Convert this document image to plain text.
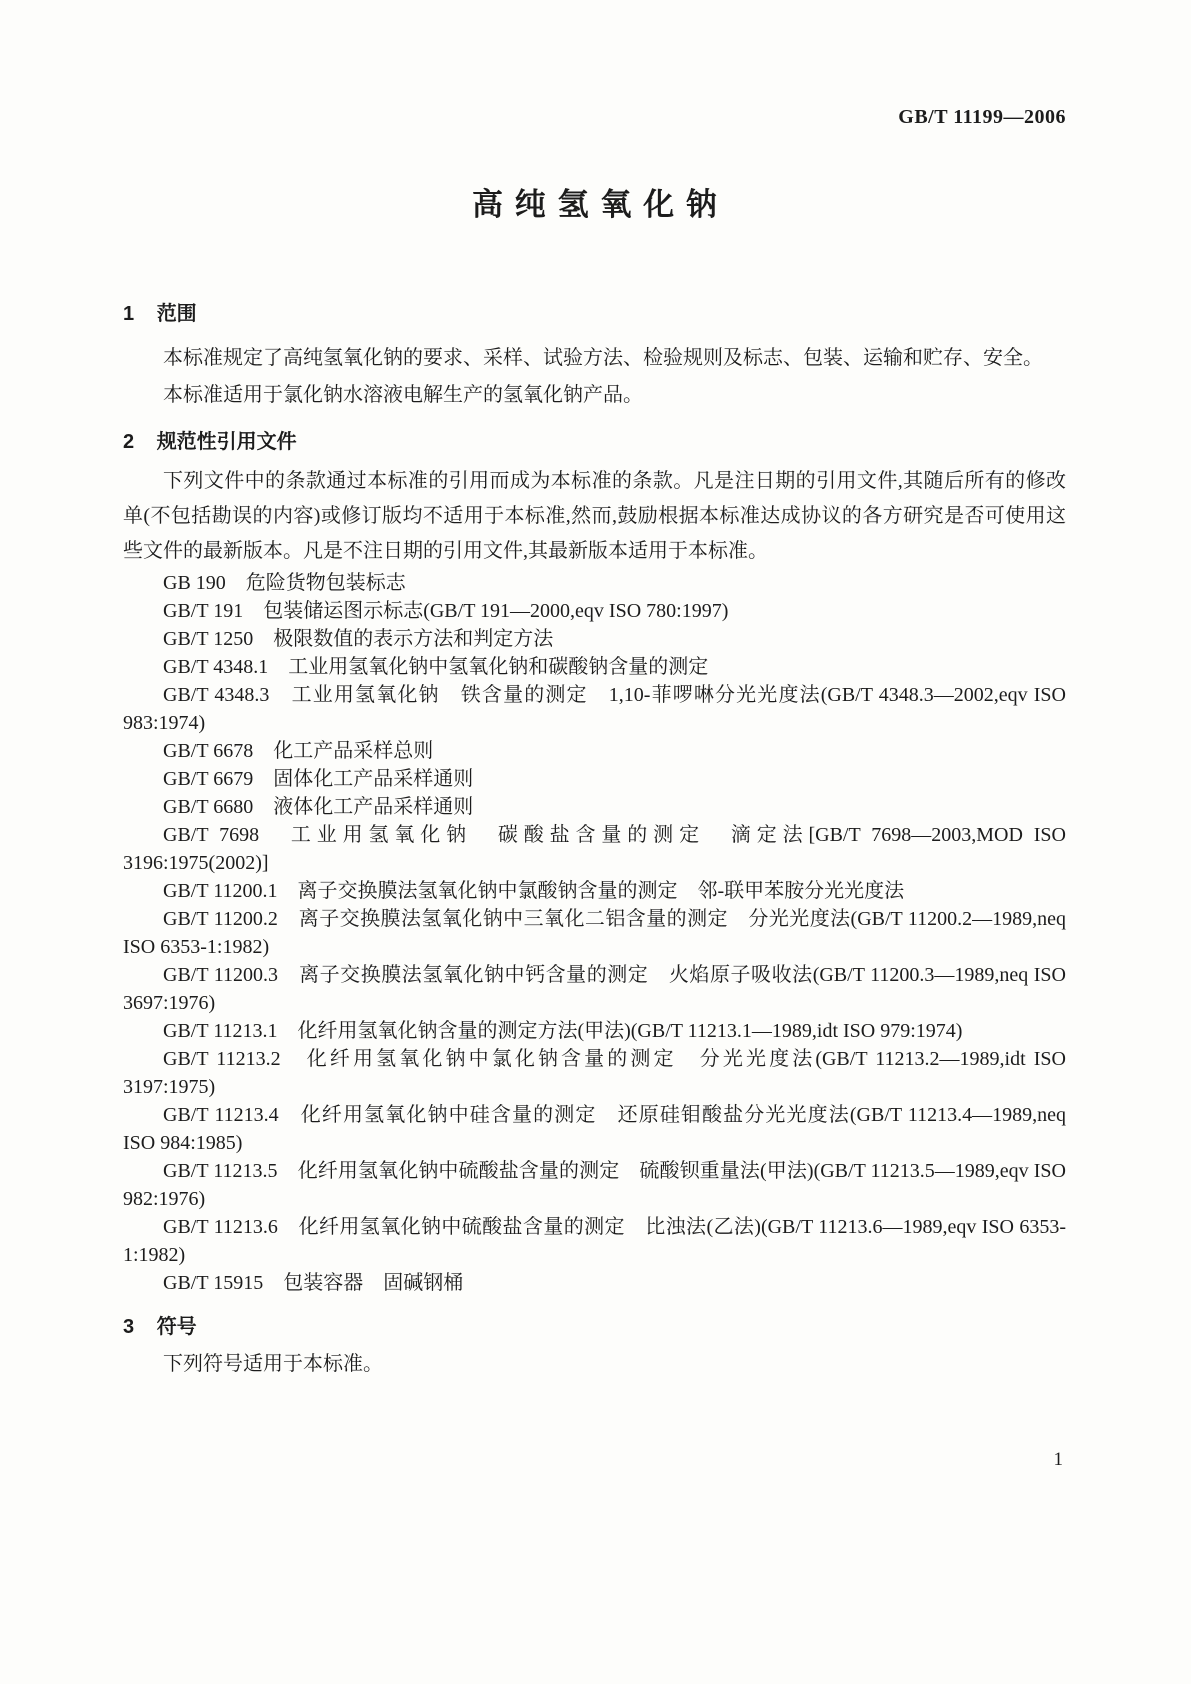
GB/T 11199—2006
高纯氢氧化钠
1 范围

本标准规定了高纯氢氧化钠的要求、采样、试验方法、检验规则及标志、包装、运输和贮存、安全。

本标准适用于氯化钠水溶液电解生产的氢氧化钠产品。

2 规范性引用文件

下列文件中的条款通过本标准的引用而成为本标准的条款。凡是注日期的引用文件,其随后所有的修改单(不包括勘误的内容)或修订版均不适用于本标准,然而,鼓励根据本标准达成协议的各方研究是否可使用这些文件的最新版本。凡是不注日期的引用文件,其最新版本适用于本标准。

GB 190　危险货物包装标志

GB/T 191　包装储运图示标志(GB/T 191—2000,eqv ISO 780:1997)

GB/T 1250　极限数值的表示方法和判定方法

GB/T 4348.1　工业用氢氧化钠中氢氧化钠和碳酸钠含量的测定

GB/T 4348.3　工业用氢氧化钠　铁含量的测定　1,10-菲啰啉分光光度法(GB/T 4348.3—2002,eqv ISO 983:1974)

GB/T 6678　化工产品采样总则

GB/T 6679　固体化工产品采样通则

GB/T 6680　液体化工产品采样通则

GB/T 7698　工业用氢氧化钠　碳酸盐含量的测定　滴定法[GB/T 7698—2003,MOD ISO 3196:1975(2002)]

GB/T 11200.1　离子交换膜法氢氧化钠中氯酸钠含量的测定　邻-联甲苯胺分光光度法

GB/T 11200.2　离子交换膜法氢氧化钠中三氧化二铝含量的测定　分光光度法(GB/T 11200.2—1989,neq ISO 6353-1:1982)

GB/T 11200.3　离子交换膜法氢氧化钠中钙含量的测定　火焰原子吸收法(GB/T 11200.3—1989,neq ISO 3697:1976)

GB/T 11213.1　化纤用氢氧化钠含量的测定方法(甲法)(GB/T 11213.1—1989,idt ISO 979:1974)

GB/T 11213.2　化纤用氢氧化钠中氯化钠含量的测定　分光光度法(GB/T 11213.2—1989,idt ISO 3197:1975)

GB/T 11213.4　化纤用氢氧化钠中硅含量的测定　还原硅钼酸盐分光光度法(GB/T 11213.4—1989,neq ISO 984:1985)

GB/T 11213.5　化纤用氢氧化钠中硫酸盐含量的测定　硫酸钡重量法(甲法)(GB/T 11213.5—1989,eqv ISO 982:1976)

GB/T 11213.6　化纤用氢氧化钠中硫酸盐含量的测定　比浊法(乙法)(GB/T 11213.6—1989,eqv ISO 6353-1:1982)

GB/T 15915　包装容器　固碱钢桶

3 符号

下列符号适用于本标准。

1
